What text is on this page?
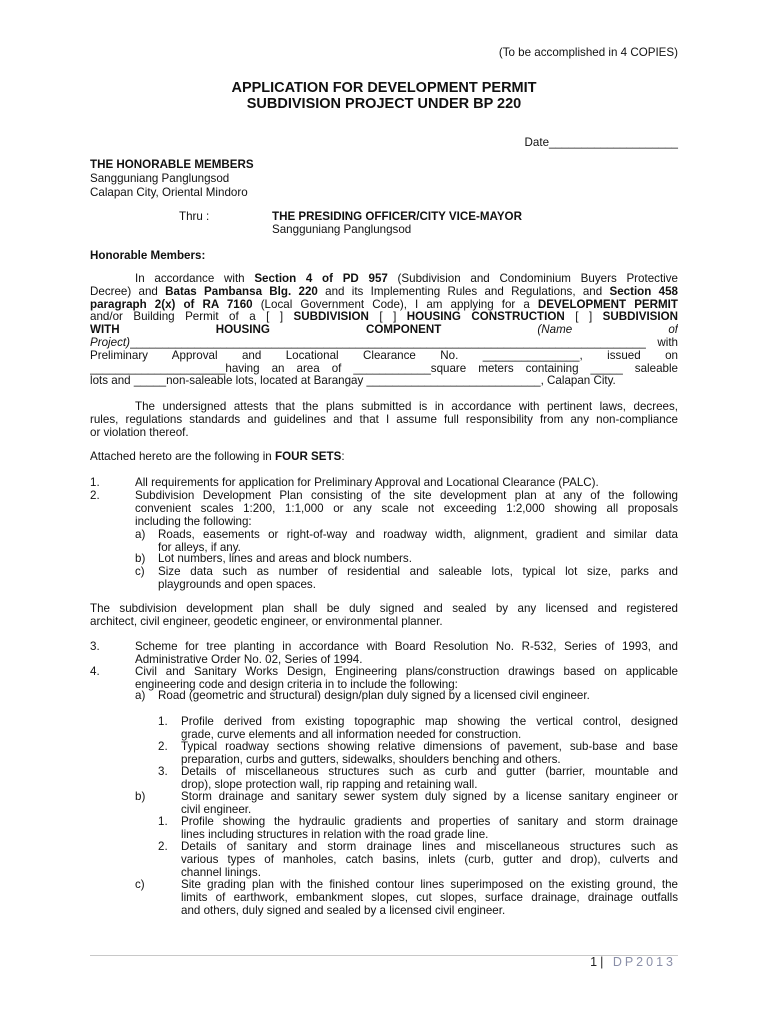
(To be accomplished in 4 COPIES)
APPLICATION FOR DEVELOPMENT PERMIT
SUBDIVISION PROJECT UNDER BP 220
Date____________________
THE HONORABLE MEMBERS
Sangguniang Panglungsod
Calapan City, Oriental Mindoro
Thru :	THE PRESIDING OFFICER/CITY VICE-MAYOR
Sangguniang Panglungsod
Honorable Members:
In accordance with Section 4 of PD 957 (Subdivision and Condominium Buyers Protective
Decree) and Batas Pambansa Blg. 220 and its Implementing Rules and Regulations, and Section 458
paragraph 2(x) of RA 7160 (Local Government Code), I am applying for a DEVELOPMENT PERMIT
and/or Building Permit of a [ ] SUBDIVISION [ ] HOUSING CONSTRUCTION [ ] SUBDIVISION
WITH	HOUSING	COMPONENT	(Name	of
Project) ________________________________________________________________________________ with
Preliminary Approval and Locational Clearance No. _______________, issued on
_____________________having an area of ____________square meters containing _____ saleable
lots and _____non-saleable lots, located at Barangay ___________________________, Calapan City.
The undersigned attests that the plans submitted is in accordance with pertinent laws, decrees,
rules, regulations standards and guidelines and that I assume full responsibility from any non-compliance
or violation thereof.
Attached hereto are the following in FOUR SETS:
1.	All requirements for application for Preliminary Approval and Locational Clearance (PALC).
2.	Subdivision Development Plan consisting of the site development plan at any of the following
convenient scales 1:200, 1:1,000 or any scale not exceeding 1:2,000 showing all proposals
including the following:
a) Roads, easements or right-of-way and roadway width, alignment, gradient and similar data
for alleys, if any.
b) Lot numbers, lines and areas and block numbers.
c) Size data such as number of residential and saleable lots, typical lot size, parks and
playgrounds and open spaces.
The subdivision development plan shall be duly signed and sealed by any licensed and registered
architect, civil engineer, geodetic engineer, or environmental planner.
3.	Scheme for tree planting in accordance with Board Resolution No. R-532, Series of 1993, and
Administrative Order No. 02, Series of 1994.
4.	Civil and Sanitary Works Design, Engineering plans/construction drawings based on applicable
engineering code and design criteria in to include the following:
a) Road (geometric and structural) design/plan duly signed by a licensed civil engineer.
1. Profile derived from existing topographic map showing the vertical control, designed
grade, curve elements and all information needed for construction.
2. Typical roadway sections showing relative dimensions of pavement, sub-base and base
preparation, curbs and gutters, sidewalks, shoulders benching and others.
3. Details of miscellaneous structures such as curb and gutter (barrier, mountable and
drop), slope protection wall, rip rapping and retaining wall.
b)	Storm drainage and sanitary sewer system duly signed by a license sanitary engineer or
civil engineer.
1. Profile showing the hydraulic gradients and properties of sanitary and storm drainage
lines including structures in relation with the road grade line.
2. Details of sanitary and storm drainage lines and miscellaneous structures such as
various types of manholes, catch basins, inlets (curb, gutter and drop), culverts and
channel linings.
c)	Site grading plan with the finished contour lines superimposed on the existing ground, the
limits of earthwork, embankment slopes, cut slopes, surface drainage, drainage outfalls
and others, duly signed and sealed by a licensed civil engineer.
1| DP2013
